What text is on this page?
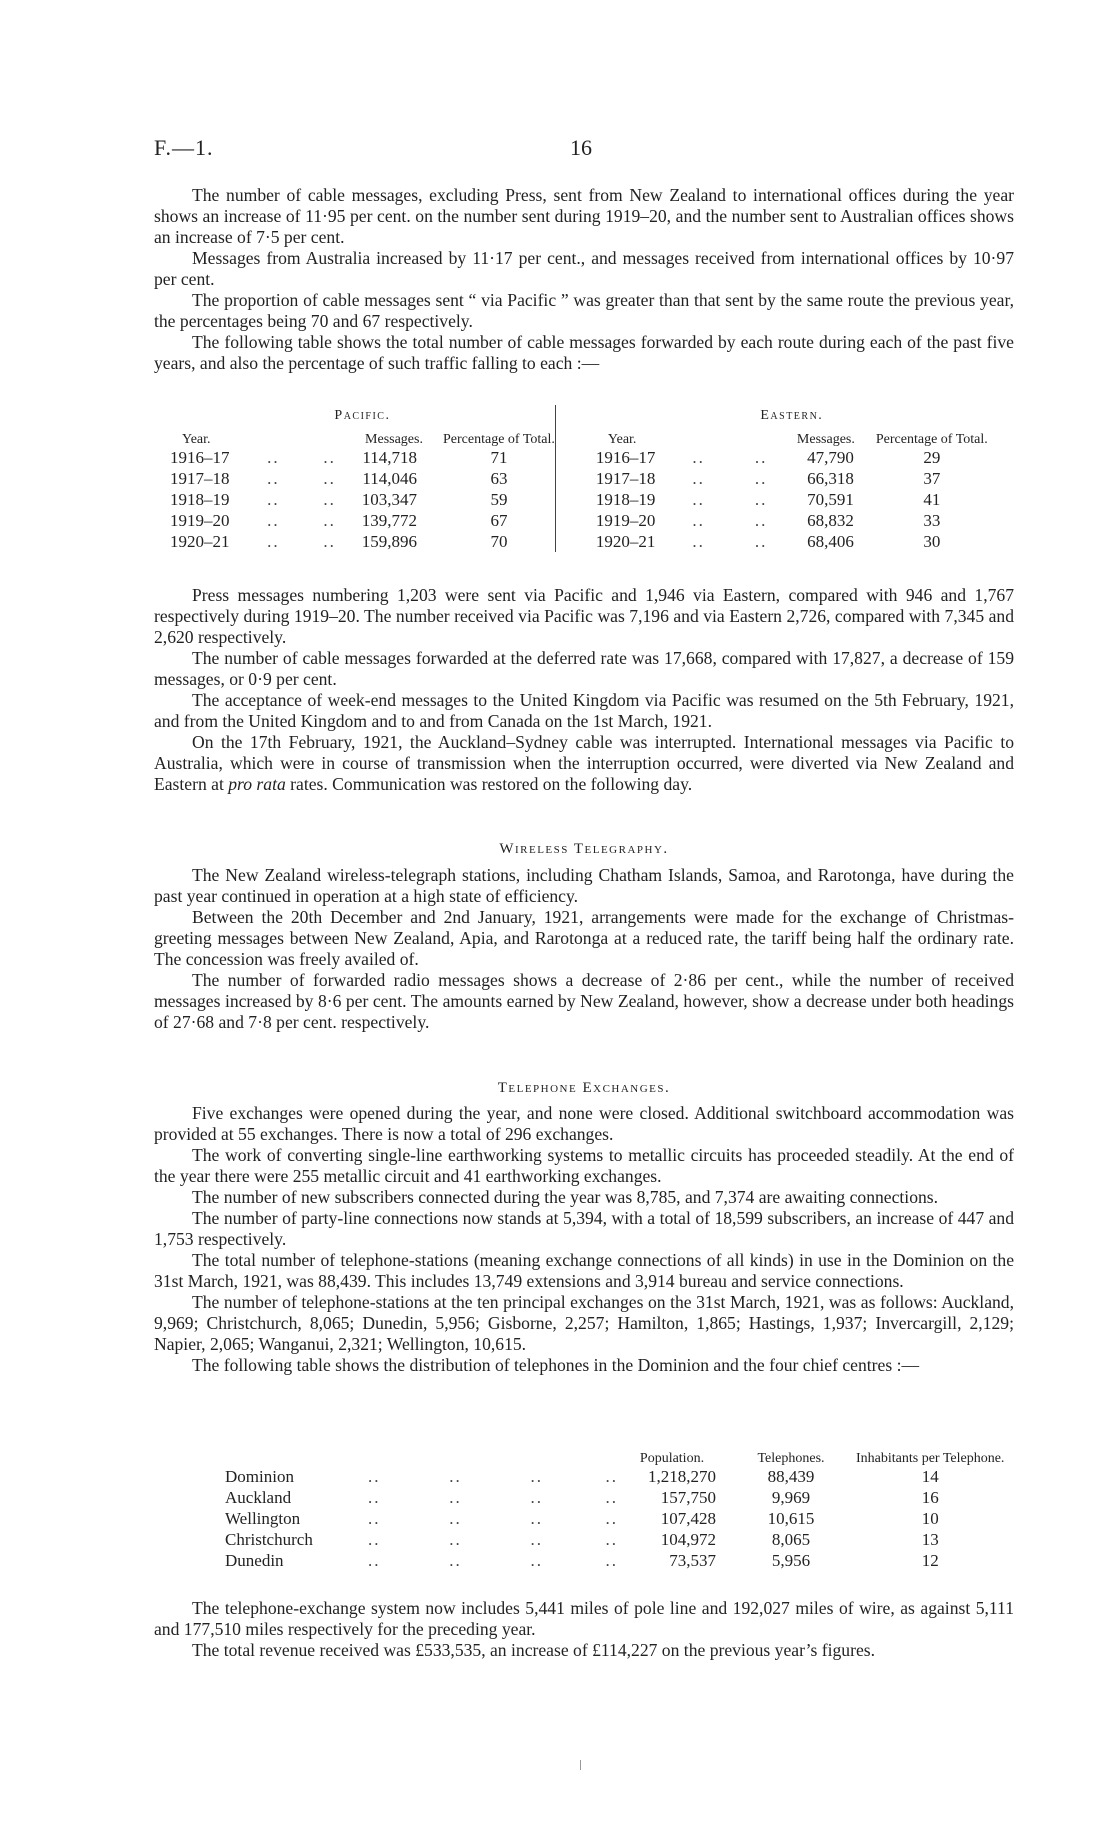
F.—1.	16

The number of cable messages, excluding Press, sent from New Zealand to international offices during the year shows an increase of 11·95 per cent. on the number sent during 1919–20, and the number sent to Australian offices shows an increase of 7·5 per cent.

Messages from Australia increased by 11·17 per cent., and messages received from international offices by 10·97 per cent.

The proportion of cable messages sent “ via Pacific ” was greater than that sent by the same route the previous year, the percentages being 70 and 67 respectively.

The following table shows the total number of cable messages forwarded by each route during each of the past five years, and also the percentage of such traffic falling to each :—

Pacific.						Eastern.				
Year.		Messages.		Percentage of Total.		Year.		Messages.		Percentage of Total.
1916–17	..       ..	114,718		71		1916–17	..        ..	47,790		29
1917–18	..       ..	114,046		63		1917–18	..        ..	66,318		37
1918–19	..       ..	103,347		59		1918–19	..        ..	70,591		41
1919–20	..       ..	139,772		67		1919–20	..        ..	68,832		33
1920–21	..       ..	159,896		70		1920–21	..        ..	68,406		30

Press messages numbering 1,203 were sent via Pacific and 1,946 via Eastern, compared with 946 and 1,767 respectively during 1919–20. The number received via Pacific was 7,196 and via Eastern 2,726, compared with 7,345 and 2,620 respectively.

The number of cable messages forwarded at the deferred rate was 17,668, compared with 17,827, a decrease of 159 messages, or 0·9 per cent.

The acceptance of week-end messages to the United Kingdom via Pacific was resumed on the 5th February, 1921, and from the United Kingdom and to and from Canada on the 1st March, 1921.

On the 17th February, 1921, the Auckland–Sydney cable was interrupted. International messages via Pacific to Australia, which were in course of transmission when the interruption occurred, were diverted via New Zealand and Eastern at pro rata rates. Communication was restored on the following day.

Wireless Telegraphy.

The New Zealand wireless-telegraph stations, including Chatham Islands, Samoa, and Rarotonga, have during the past year continued in operation at a high state of efficiency.

Between the 20th December and 2nd January, 1921, arrangements were made for the exchange of Christmas-greeting messages between New Zealand, Apia, and Rarotonga at a reduced rate, the tariff being half the ordinary rate. The concession was freely availed of.

The number of forwarded radio messages shows a decrease of 2·86 per cent., while the number of received messages increased by 8·6 per cent. The amounts earned by New Zealand, however, show a decrease under both headings of 27·68 and 7·8 per cent. respectively.

Telephone Exchanges.

Five exchanges were opened during the year, and none were closed. Additional switchboard accommodation was provided at 55 exchanges. There is now a total of 296 exchanges.

The work of converting single-line earthworking systems to metallic circuits has proceeded steadily. At the end of the year there were 255 metallic circuit and 41 earthworking exchanges.

The number of new subscribers connected during the year was 8,785, and 7,374 are awaiting connections.

The number of party-line connections now stands at 5,394, with a total of 18,599 subscribers, an increase of 447 and 1,753 respectively.

The total number of telephone-stations (meaning exchange connections of all kinds) in use in the Dominion on the 31st March, 1921, was 88,439. This includes 13,749 extensions and 3,914 bureau and service connections.

The number of telephone-stations at the ten principal exchanges on the 31st March, 1921, was as follows: Auckland, 9,969; Christchurch, 8,065; Dunedin, 5,956; Gisborne, 2,257; Hamilton, 1,865; Hastings, 1,937; Invercargill, 2,129; Napier, 2,065; Wanganui, 2,321; Wellington, 10,615.

The following table shows the distribution of telephones in the Dominion and the four chief centres :—

		Population.	Telephones.	Inhabitants per Telephone.
Dominion	..           ..           ..          ..	1,218,270	88,439	14
Auckland	..           ..           ..          ..	157,750	9,969	16
Wellington	..           ..           ..          ..	107,428	10,615	10
Christchurch	..           ..           ..          ..	104,972	8,065	13
Dunedin	..           ..           ..          ..	73,537	5,956	12

The telephone-exchange system now includes 5,441 miles of pole line and 192,027 miles of wire, as against 5,111 and 177,510 miles respectively for the preceding year.

The total revenue received was £533,535, an increase of £114,227 on the previous year’s figures.
